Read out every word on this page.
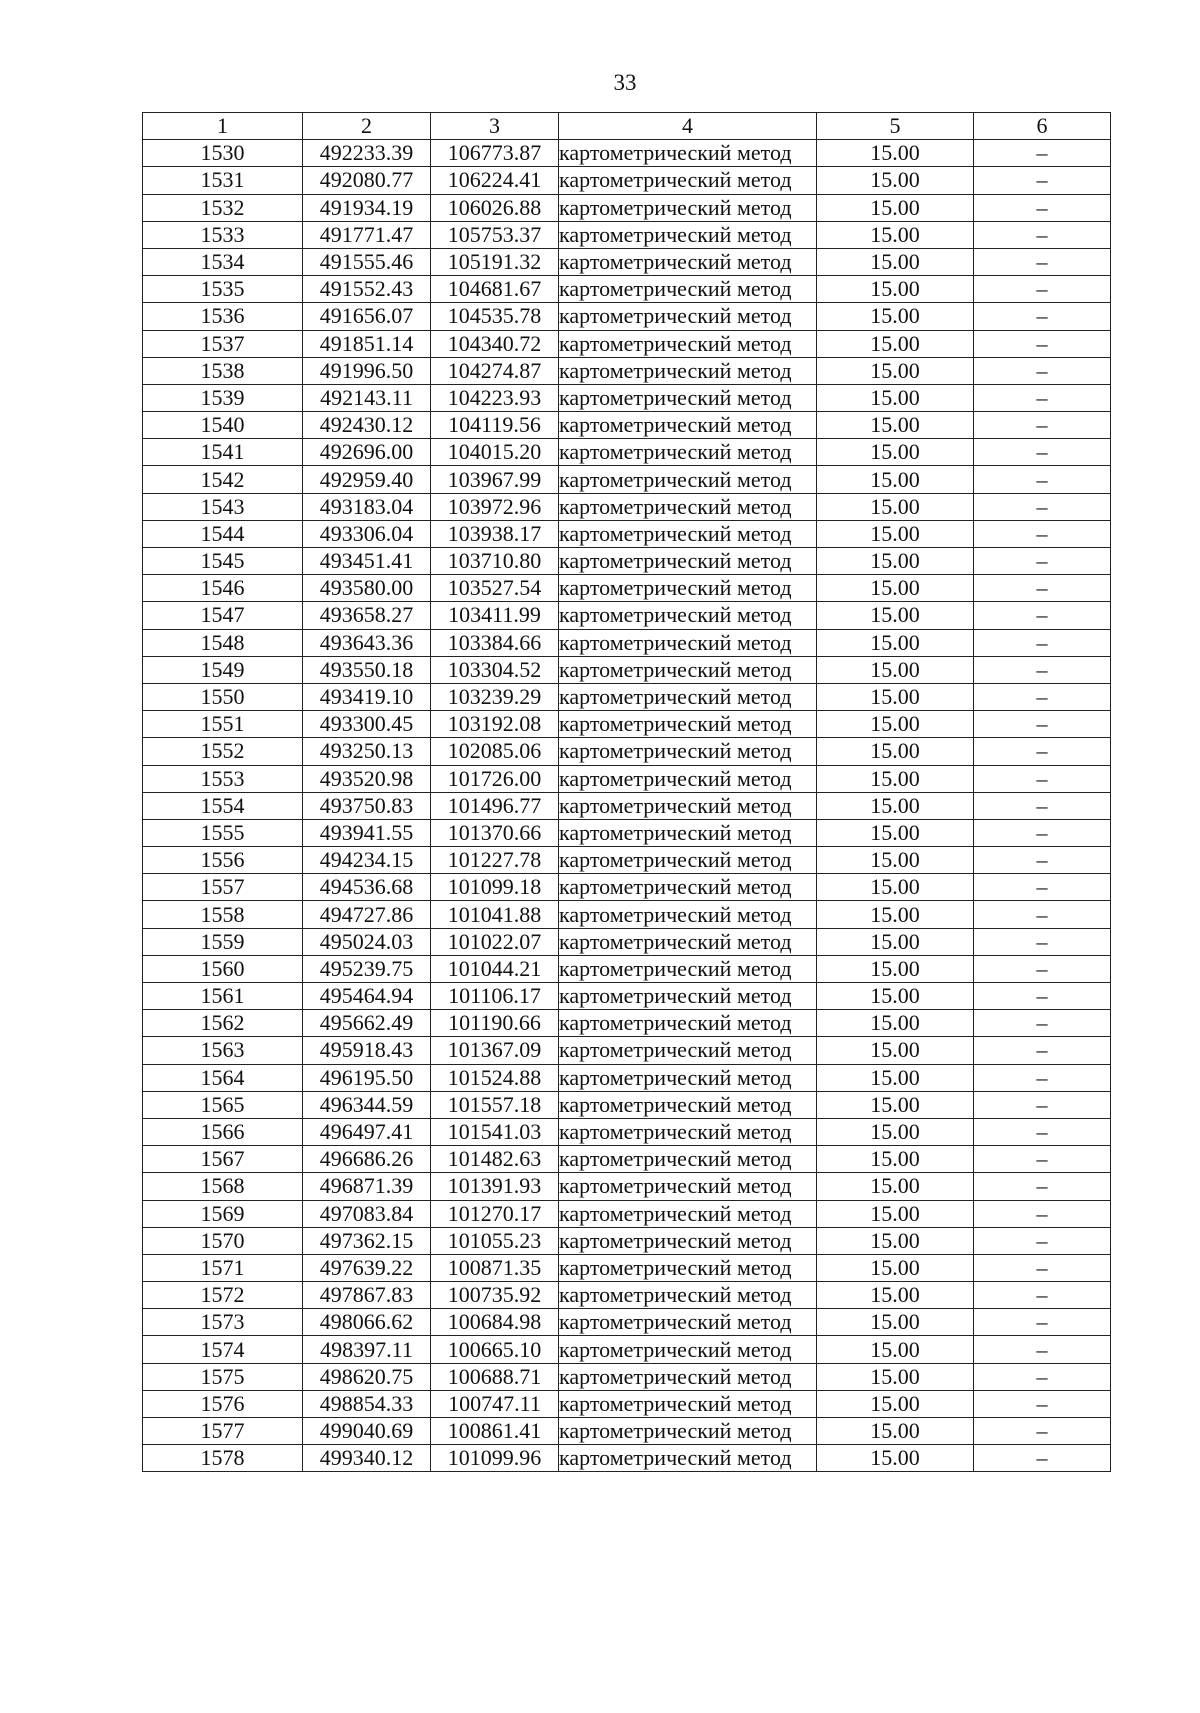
33
1	2	3	4	5	6
1530	492233.39	106773.87	картометрический метод	15.00	–
1531	492080.77	106224.41	картометрический метод	15.00	–
1532	491934.19	106026.88	картометрический метод	15.00	–
1533	491771.47	105753.37	картометрический метод	15.00	–
1534	491555.46	105191.32	картометрический метод	15.00	–
1535	491552.43	104681.67	картометрический метод	15.00	–
1536	491656.07	104535.78	картометрический метод	15.00	–
1537	491851.14	104340.72	картометрический метод	15.00	–
1538	491996.50	104274.87	картометрический метод	15.00	–
1539	492143.11	104223.93	картометрический метод	15.00	–
1540	492430.12	104119.56	картометрический метод	15.00	–
1541	492696.00	104015.20	картометрический метод	15.00	–
1542	492959.40	103967.99	картометрический метод	15.00	–
1543	493183.04	103972.96	картометрический метод	15.00	–
1544	493306.04	103938.17	картометрический метод	15.00	–
1545	493451.41	103710.80	картометрический метод	15.00	–
1546	493580.00	103527.54	картометрический метод	15.00	–
1547	493658.27	103411.99	картометрический метод	15.00	–
1548	493643.36	103384.66	картометрический метод	15.00	–
1549	493550.18	103304.52	картометрический метод	15.00	–
1550	493419.10	103239.29	картометрический метод	15.00	–
1551	493300.45	103192.08	картометрический метод	15.00	–
1552	493250.13	102085.06	картометрический метод	15.00	–
1553	493520.98	101726.00	картометрический метод	15.00	–
1554	493750.83	101496.77	картометрический метод	15.00	–
1555	493941.55	101370.66	картометрический метод	15.00	–
1556	494234.15	101227.78	картометрический метод	15.00	–
1557	494536.68	101099.18	картометрический метод	15.00	–
1558	494727.86	101041.88	картометрический метод	15.00	–
1559	495024.03	101022.07	картометрический метод	15.00	–
1560	495239.75	101044.21	картометрический метод	15.00	–
1561	495464.94	101106.17	картометрический метод	15.00	–
1562	495662.49	101190.66	картометрический метод	15.00	–
1563	495918.43	101367.09	картометрический метод	15.00	–
1564	496195.50	101524.88	картометрический метод	15.00	–
1565	496344.59	101557.18	картометрический метод	15.00	–
1566	496497.41	101541.03	картометрический метод	15.00	–
1567	496686.26	101482.63	картометрический метод	15.00	–
1568	496871.39	101391.93	картометрический метод	15.00	–
1569	497083.84	101270.17	картометрический метод	15.00	–
1570	497362.15	101055.23	картометрический метод	15.00	–
1571	497639.22	100871.35	картометрический метод	15.00	–
1572	497867.83	100735.92	картометрический метод	15.00	–
1573	498066.62	100684.98	картометрический метод	15.00	–
1574	498397.11	100665.10	картометрический метод	15.00	–
1575	498620.75	100688.71	картометрический метод	15.00	–
1576	498854.33	100747.11	картометрический метод	15.00	–
1577	499040.69	100861.41	картометрический метод	15.00	–
1578	499340.12	101099.96	картометрический метод	15.00	–
